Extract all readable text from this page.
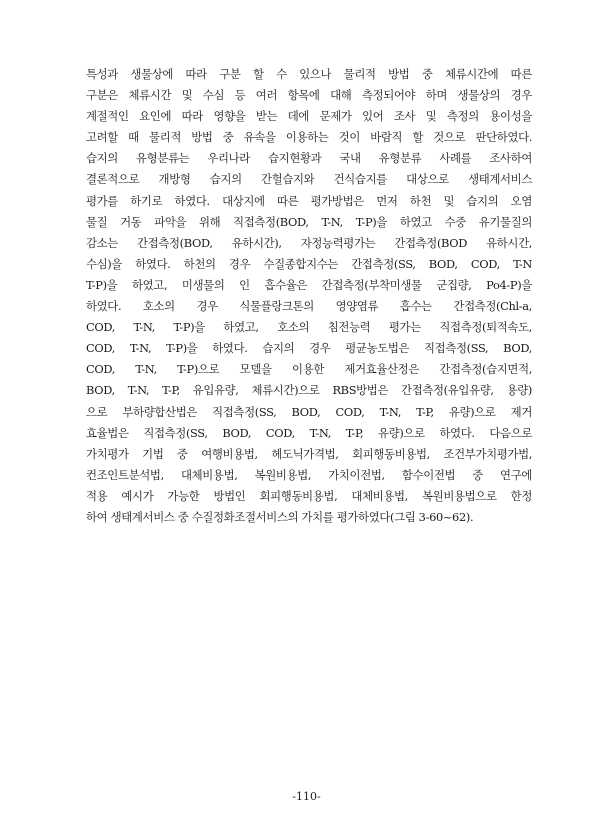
특성과 생물상에 따라 구분 할 수 있으나 물리적 방법 중 체류시간에 따른
구분은 체류시간 및 수심 등 여러 항목에 대해 측정되어야 하며 생물상의 경우
계절적인 요인에 따라 영향을 받는 데에 문제가 있어 조사 및 측정의 용이성을
고려할 때 물리적 방법 중 유속을 이용하는 것이 바람직 할 것으로 판단하였다.
습지의 유형분류는 우리나라 습지현황과 국내 유형분류 사례를 조사하여
결론적으로 개방형 습지의 간헐습지와 건식습지를 대상으로 생태계서비스
평가를 하기로 하였다. 대상지에 따른 평가방법은 먼저 하천 및 습지의 오염
물질 거동 파악을 위해 직접측정(BOD, T-N, T-P)을 하였고 수중 유기물질의
감소는 간접측정(BOD, 유하시간), 자정능력평가는 간접측정(BOD 유하시간,
수심)을 하였다. 하천의 경우 수질종합지수는 간접측정(SS, BOD, COD, T-N
T-P)을 하였고, 미생물의 인 흡수율은 간접측정(부착미생물 군집량, Po4-P)을
하였다. 호소의 경우 식물플랑크톤의 영양염류 흡수는 간접측정(Chl-a,
COD, T-N, T-P)을 하였고, 호소의 침전능력 평가는 직접측정(퇴적속도,
COD, T-N, T-P)을 하였다. 습지의 경우 평균농도법은 직접측정(SS, BOD,
COD, T-N, T-P)으로 모델을 이용한 제거효율산정은 간접측정(습지면적,
BOD, T-N, T-P, 유입유량, 체류시간)으로 RBS방법은 간접측정(유입유량, 용량)
으로 부하량합산법은 직접측정(SS, BOD, COD, T-N, T-P, 유량)으로 제거
효율법은 직접측정(SS, BOD, COD, T-N, T-P, 유량)으로 하였다. 다음으로
가치평가 기법 중 여행비용법, 헤도닉가격법, 회피행동비용법, 조건부가치평가법,
컨조인트분석법, 대체비용법, 복원비용법, 가치이전법, 함수이전법 중 연구에
적용 예시가 가능한 방법인 회피행동비용법, 대체비용법, 복원비용법으로 한정
하여 생태계서비스 중 수질정화조절서비스의 가치를 평가하였다(그림 3-60~62).
-110-
